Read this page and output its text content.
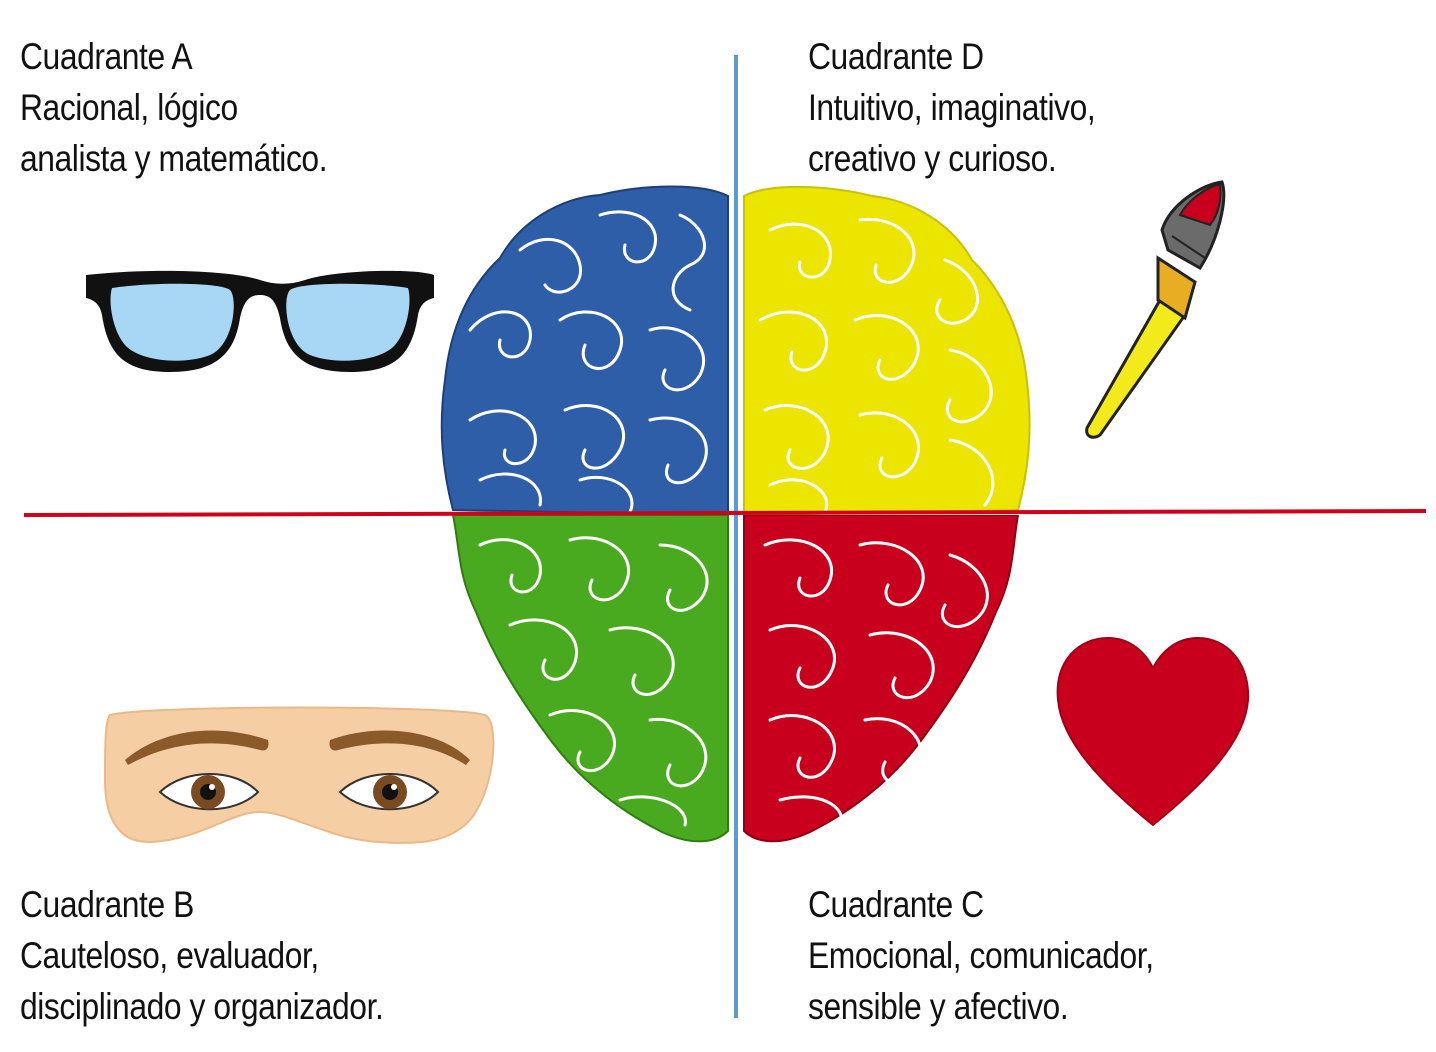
Cuadrante A
Racional, lógico
analista y matemático.
Cuadrante D
Intuitivo, imaginativo,
creativo y curioso.
Cuadrante B
Cauteloso, evaluador,
disciplinado y organizador.
Cuadrante C
Emocional, comunicador,
sensible y afectivo.
